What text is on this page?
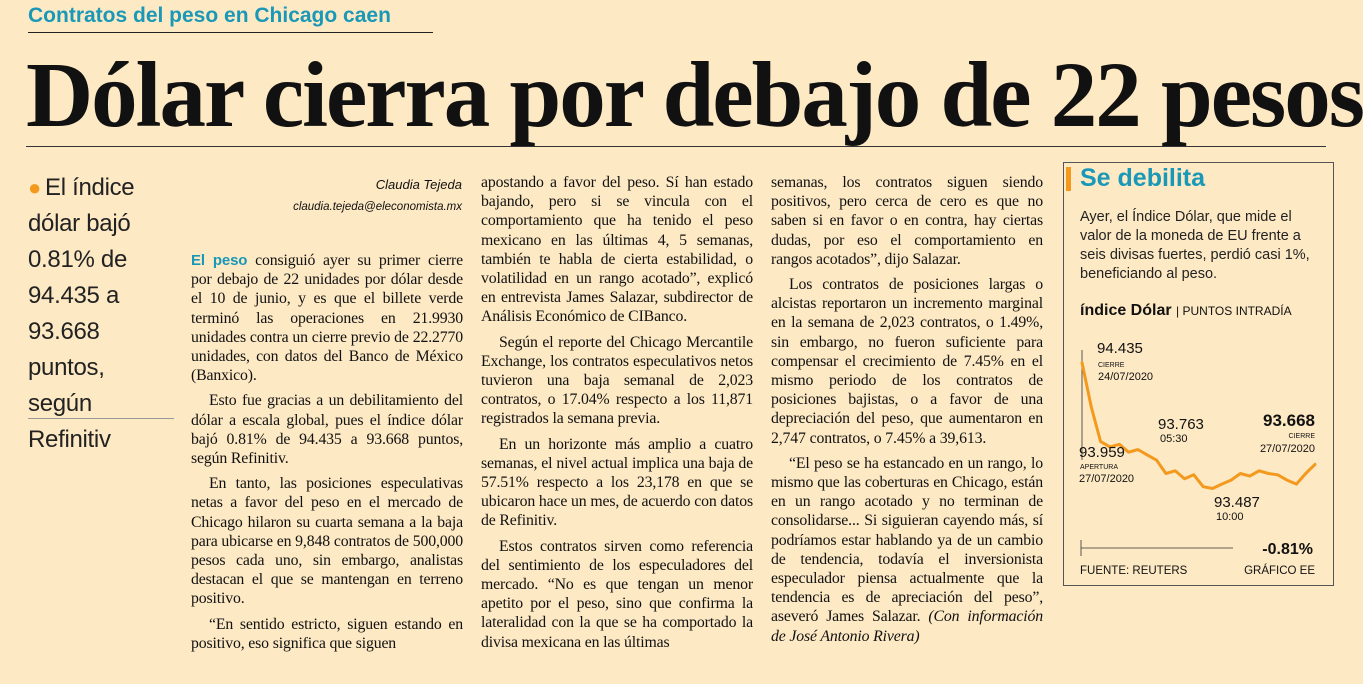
Contratos del peso en Chicago caen
Dólar cierra por debajo de 22 pesos
● El índice dólar bajó 0.81% de 94.435 a 93.668 puntos, según Refinitiv
Claudia Tejeda
claudia.tejeda@eleconomista.mx

El peso consiguió ayer su primer cierre por debajo de 22 unidades por dólar desde el 10 de junio, y es que el billete verde terminó las operaciones en 21.9930 unidades contra un cierre previo de 22.2770 unidades, con datos del Banco de México (Banxico).

Esto fue gracias a un debilitamiento del dólar a escala global, pues el índice dólar bajó 0.81% de 94.435 a 93.668 puntos, según Refinitiv.

En tanto, las posiciones especulativas netas a favor del peso en el mercado de Chicago hilaron su cuarta semana a la baja para ubicarse en 9,848 contratos de 500,000 pesos cada uno, sin embargo, analistas destacan el que se mantengan en terreno positivo.

“En sentido estricto, siguen estando en positivo, eso significa que siguen

apostando a favor del peso. Sí han estado bajando, pero si se vincula con el comportamiento que ha tenido el peso mexicano en las últimas 4, 5 semanas, también te habla de cierta estabilidad, o volatilidad en un rango acotado”, explicó en entrevista James Salazar, subdirector de Análisis Económico de CIBanco.

Según el reporte del Chicago Mercantile Exchange, los contratos especulativos netos tuvieron una baja semanal de 2,023 contratos, o 17.04% respecto a los 11,871 registrados la semana previa.

En un horizonte más amplio a cuatro semanas, el nivel actual implica una baja de 57.51% respecto a los 23,178 en que se ubicaron hace un mes, de acuerdo con datos de Refinitiv.

Estos contratos sirven como referencia del sentimiento de los especuladores del mercado. “No es que tengan un menor apetito por el peso, sino que confirma la lateralidad con la que se ha comportado la divisa mexicana en las últimas

semanas, los contratos siguen siendo positivos, pero cerca de cero es que no saben si en favor o en contra, hay ciertas dudas, por eso el comportamiento en rangos acotados”, dijo Salazar.

Los contratos de posiciones largas o alcistas reportaron un incremento marginal en la semana de 2,023 contratos, o 1.49%, sin embargo, no fueron suficiente para compensar el crecimiento de 7.45% en el mismo periodo de los contratos de posiciones bajistas, o a favor de una depreciación del peso, que aumentaron en 2,747 contratos, o 7.45% a 39,613.

“El peso se ha estancado en un rango, lo mismo que las coberturas en Chicago, están en un rango acotado y no terminan de consolidarse... Si siguieran cayendo más, sí podríamos estar hablando ya de un cambio de tendencia, todavía el inversionista especulador piensa actualmente que la tendencia es de apreciación del peso”, aseveró James Salazar. (Con información de José Antonio Rivera)

Se debilita
Ayer, el Índice Dólar, que mide el valor de la moneda de EU frente a seis divisas fuertes, perdió casi 1%, beneficiando al peso.
índice Dólar | PUNTOS INTRADÍA
94.435
CIERRE
24/07/2020
93.959
APERTURA
27/07/2020
93.763
05:30
93.487
10:00
93.668
CIERRE
27/07/2020
-0.81%
FUENTE: REUTERS	GRÁFICO EE
